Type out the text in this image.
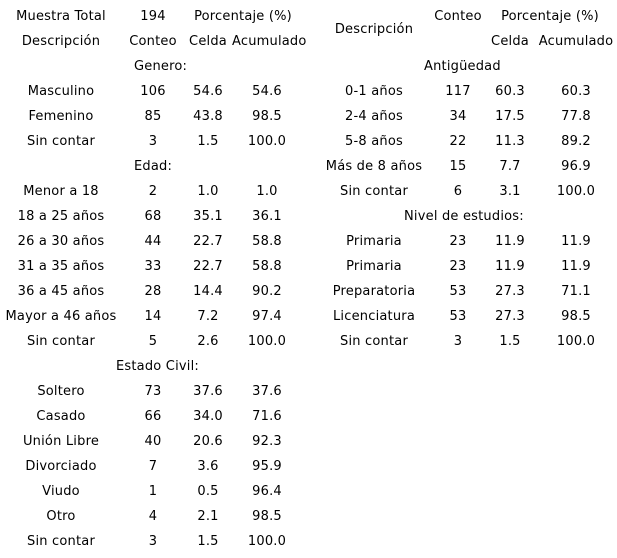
Muestra Total	194	Porcentaje (%)	
Descripción	Conteo	Celda	Acumulado
Genero:			
Masculino	106	54.6	54.6
Femenino	85	43.8	98.5
Sin contar	3	1.5	100.0
Edad:			
Menor a 18	2	1.0	1.0
18 a 25 años	68	35.1	36.1
26 a 30 años	44	22.7	58.8
31 a 35 años	33	22.7	58.8
36 a 45 años	28	14.4	90.2
Mayor a 46 años	14	7.2	97.4
Sin contar	5	2.6	100.0
Estado Civil:			
Soltero	73	37.6	37.6
Casado	66	34.0	71.6
Unión Libre	40	20.6	92.3
Divorciado	7	3.6	95.9
Viudo	1	0.5	96.4
Otro	4	2.1	98.5
Sin contar	3	1.5	100.0
Descripción	Conteo	Porcentaje (%)	
		Celda	Acumulado
Antigüedad			
0-1 años	117	60.3	60.3
2-4 años	34	17.5	77.8
5-8 años	22	11.3	89.2
Más de 8 años	15	7.7	96.9
Sin contar	6	3.1	100.0
Nivel de estudios:			
Primaria	23	11.9	11.9
Primaria	23	11.9	11.9
Preparatoria	53	27.3	71.1
Licenciatura	53	27.3	98.5
Sin contar	3	1.5	100.0
